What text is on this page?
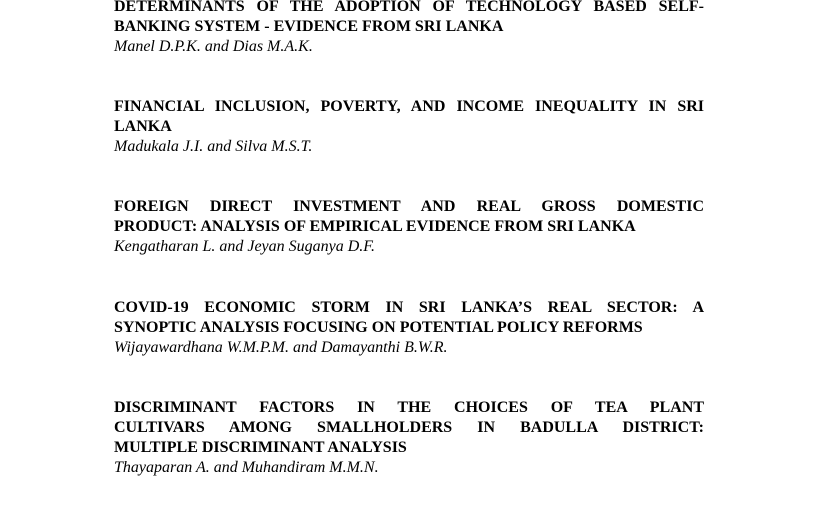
DETERMINANTS OF THE ADOPTION OF TECHNOLOGY BASED SELF-
BANKING SYSTEM - EVIDENCE FROM SRI LANKA

Manel D.P.K. and Dias M.A.K.

FINANCIAL INCLUSION, POVERTY, AND INCOME INEQUALITY IN SRI
LANKA

Madukala J.I. and Silva M.S.T.

FOREIGN DIRECT INVESTMENT AND REAL GROSS DOMESTIC
PRODUCT: ANALYSIS OF EMPIRICAL EVIDENCE FROM SRI LANKA

Kengatharan L. and Jeyan Suganya D.F.

COVID-19 ECONOMIC STORM IN SRI LANKA’S REAL SECTOR: A
SYNOPTIC ANALYSIS FOCUSING ON POTENTIAL POLICY REFORMS

Wijayawardhana W.M.P.M. and Damayanthi B.W.R.

DISCRIMINANT FACTORS IN THE CHOICES OF TEA PLANT
CULTIVARS AMONG SMALLHOLDERS IN BADULLA DISTRICT:
MULTIPLE DISCRIMINANT ANALYSIS

Thayaparan A. and Muhandiram M.M.N.
